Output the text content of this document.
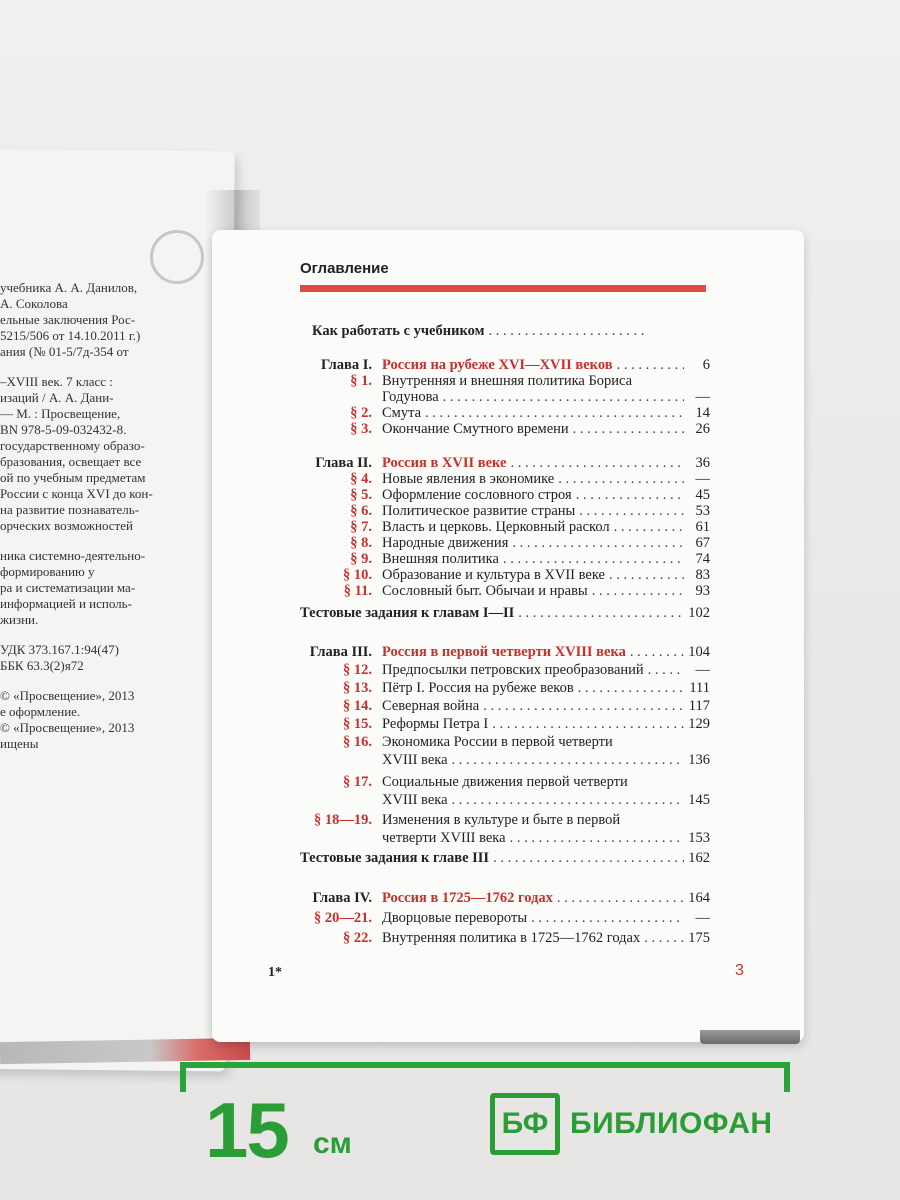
учебника А. А. Данилов,
А. Соколова
ельные заключения Рос-
5215/506 от 14.10.2011 г.)
ания (№ 01-5/7д-354 от
–XVIII век. 7 класс :
изаций / А. А. Дани-
— М. : Просвещение,
BN 978-5-09-032432-8.
государственному образо-
бразования, освещает все
ой по учебным предметам
России с конца XVI до кон-
на развитие познаватель-
орческих возможностей
ника системно-деятельно-
формированию у
ра и систематизации ма-
информацией и исполь-
жизни.
УДК 373.167.1:94(47)
ББК 63.3(2)я72
© «Просвещение», 2013
е оформление.
© «Просвещение», 2013
ищены
Оглавление
Как работать с учебником
. . .
Глава I. Россия на рубеже XVI—XVII веков . . .	6
§ 1. Внутренняя и внешняя политика Бориса
Годунова . . .	—
§ 2. Смута . . .	14
§ 3. Окончание Смутного времени . . .	26
Глава II. Россия в XVII веке . . .	36
§ 4. Новые явления в экономике . . .	—
§ 5. Оформление сословного строя . . .	45
§ 6. Политическое развитие страны . . .	53
§ 7. Власть и церковь. Церковный раскол . . .	61
§ 8. Народные движения . . .	67
§ 9. Внешняя политика . . .	74
§ 10. Образование и культура в XVII веке . . .	83
§ 11. Сословный быт. Обычаи и нравы . . .	93
Тестовые задания к главам I—II . . .	102
Глава III. Россия в первой четверти XVIII века . . .	104
§ 12. Предпосылки петровских преобразований . . .	—
§ 13. Пётр I. Россия на рубеже веков . . .	111
§ 14. Северная война . . .	117
§ 15. Реформы Петра I . . .	129
§ 16. Экономика России в первой четверти
XVIII века . . .	136
§ 17. Социальные движения первой четверти
XVIII века . . .	145
§ 18—19. Изменения в культуре и быте в первой
четверти XVIII века . . .	153
Тестовые задания к главе III . . .	162
Глава IV. Россия в 1725—1762 годах . . .	164
§ 20—21. Дворцовые перевороты . . .	—
§ 22. Внутренняя политика в 1725—1762 годах . . .	175
1*	3
15 см
БФ БИБЛИОФАН
